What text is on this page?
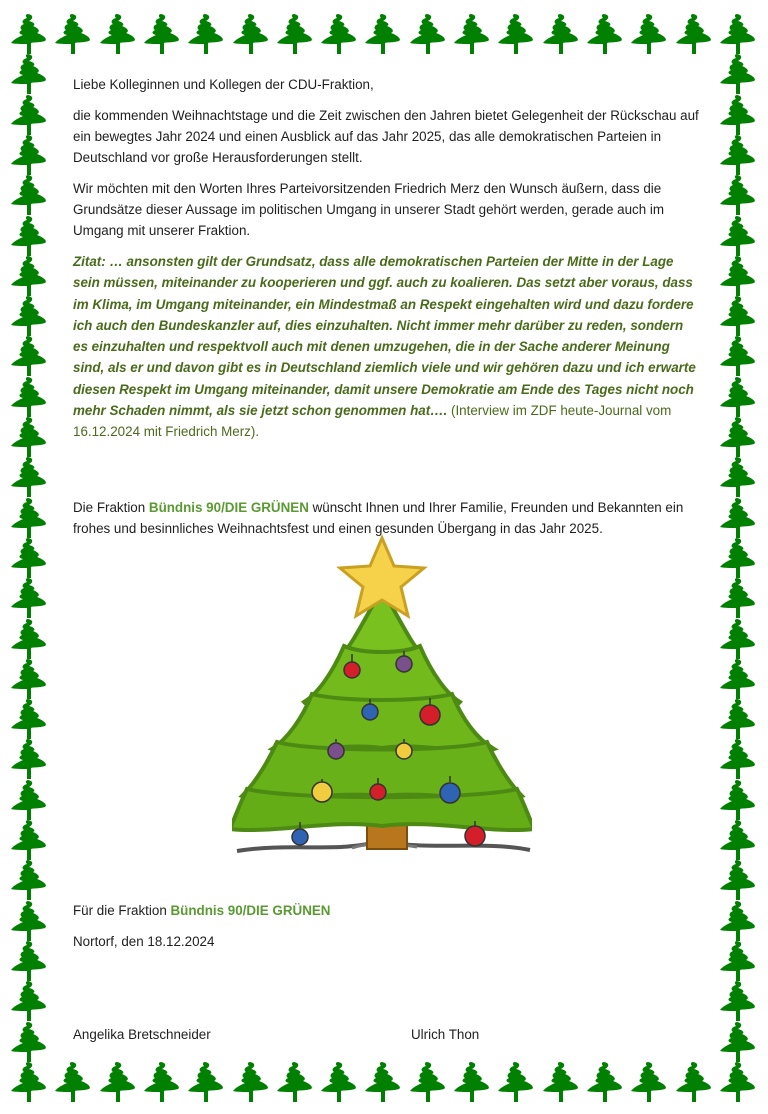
Liebe Kolleginnen und Kollegen der CDU-Fraktion,

die kommenden Weihnachtstage und die Zeit zwischen den Jahren bietet Gelegenheit der Rückschau auf ein bewegtes Jahr 2024 und einen Ausblick auf das Jahr 2025, das alle demokratischen Parteien in Deutschland vor große Herausforderungen stellt.

Wir möchten mit den Worten Ihres Parteivorsitzenden Friedrich Merz den Wunsch äußern, dass die Grundsätze dieser Aussage im politischen Umgang in unserer Stadt gehört werden, gerade auch im Umgang mit unserer Fraktion.

Zitat: … ansonsten gilt der Grundsatz, dass alle demokratischen Parteien der Mitte in der Lage sein müssen, miteinander zu kooperieren und ggf. auch zu koalieren. Das setzt aber voraus, dass im Klima, im Umgang miteinander, ein Mindestmaß an Respekt eingehalten wird und dazu fordere ich auch den Bundeskanzler auf, dies einzuhalten. Nicht immer mehr darüber zu reden, sondern es einzuhalten und respektvoll auch mit denen umzugehen, die in der Sache anderer Meinung sind, als er und davon gibt es in Deutschland ziemlich viele und wir gehören dazu und ich erwarte diesen Respekt im Umgang miteinander, damit unsere Demokratie am Ende des Tages nicht noch mehr Schaden nimmt, als sie jetzt schon genommen hat…. (Interview im ZDF heute-Journal vom 16.12.2024 mit Friedrich Merz).

Die Fraktion Bündnis 90/DIE GRÜNEN wünscht Ihnen und Ihrer Familie, Freunden und Bekannten ein frohes und besinnliches Weihnachtsfest und einen gesunden Übergang in das Jahr 2025.

Für die Fraktion Bündnis 90/DIE GRÜNEN

Nortorf, den 18.12.2024

Angelika Bretschneider	Ulrich Thon
